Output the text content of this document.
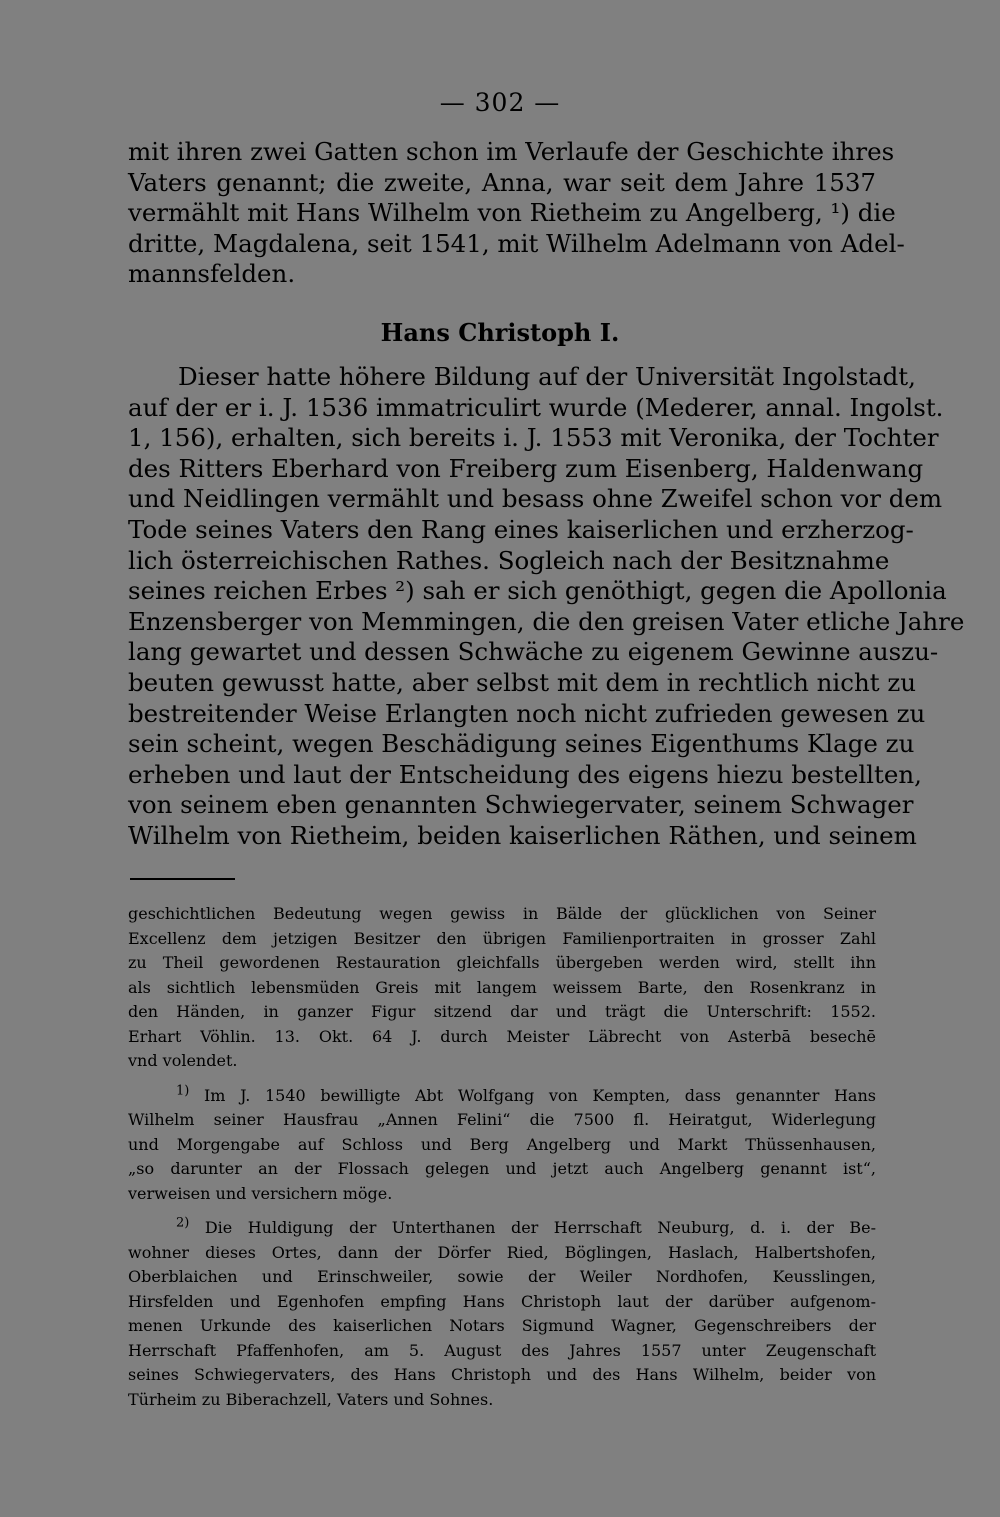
— 302 —
mit ihren zwei Gatten schon im Verlaufe der Geschichte ihres
Vaters genannt; die zweite, Anna, war seit dem Jahre 1537
vermählt mit Hans Wilhelm von Rietheim zu Angelberg, ¹) die
dritte, Magdalena, seit 1541, mit Wilhelm Adelmann von Adel-
mannsfelden.
Hans Christoph I.
Dieser hatte höhere Bildung auf der Universität Ingolstadt,
auf der er i. J. 1536 immatriculirt wurde (Mederer, annal. Ingolst.
1, 156), erhalten, sich bereits i. J. 1553 mit Veronika, der Tochter
des Ritters Eberhard von Freiberg zum Eisenberg, Haldenwang
und Neidlingen vermählt und besass ohne Zweifel schon vor dem
Tode seines Vaters den Rang eines kaiserlichen und erzherzog-
lich österreichischen Rathes. Sogleich nach der Besitznahme
seines reichen Erbes ²) sah er sich genöthigt, gegen die Apollonia
Enzensberger von Memmingen, die den greisen Vater etliche Jahre
lang gewartet und dessen Schwäche zu eigenem Gewinne auszu-
beuten gewusst hatte, aber selbst mit dem in rechtlich nicht zu
bestreitender Weise Erlangten noch nicht zufrieden gewesen zu
sein scheint, wegen Beschädigung seines Eigenthums Klage zu
erheben und laut der Entscheidung des eigens hiezu bestellten,
von seinem eben genannten Schwiegervater, seinem Schwager
Wilhelm von Rietheim, beiden kaiserlichen Räthen, und seinem
geschichtlichen Bedeutung wegen gewiss in Bälde der glücklichen von Seiner
Excellenz dem jetzigen Besitzer den übrigen Familienportraiten in grosser Zahl
zu Theil gewordenen Restauration gleichfalls übergeben werden wird, stellt ihn
als sichtlich lebensmüden Greis mit langem weissem Barte, den Rosenkranz in
den Händen, in ganzer Figur sitzend dar und trägt die Unterschrift: 1552.
Erhart Vöhlin. 13. Okt. 64 J. durch Meister Läbrecht von Asterbā besechē
vnd volendet.
$^{1)}$ Im J. 1540 bewilligte Abt Wolfgang von Kempten, dass genannter Hans
Wilhelm seiner Hausfrau „Annen Felini“ die 7500 fl. Heiratgut, Widerlegung
und Morgengabe auf Schloss und Berg Angelberg und Markt Thüssenhausen,
„so darunter an der Flossach gelegen und jetzt auch Angelberg genannt ist“,
verweisen und versichern möge.
$^{2)}$ Die Huldigung der Unterthanen der Herrschaft Neuburg, d. i. der Be-
wohner dieses Ortes, dann der Dörfer Ried, Böglingen, Haslach, Halbertshofen,
Oberblaichen und Erinschweiler, sowie der Weiler Nordhofen, Keusslingen,
Hirsfelden und Egenhofen empfing Hans Christoph laut der darüber aufgenom-
menen Urkunde des kaiserlichen Notars Sigmund Wagner, Gegenschreibers der
Herrschaft Pfaffenhofen, am 5. August des Jahres 1557 unter Zeugenschaft
seines Schwiegervaters, des Hans Christoph und des Hans Wilhelm, beider von
Türheim zu Biberachzell, Vaters und Sohnes.
